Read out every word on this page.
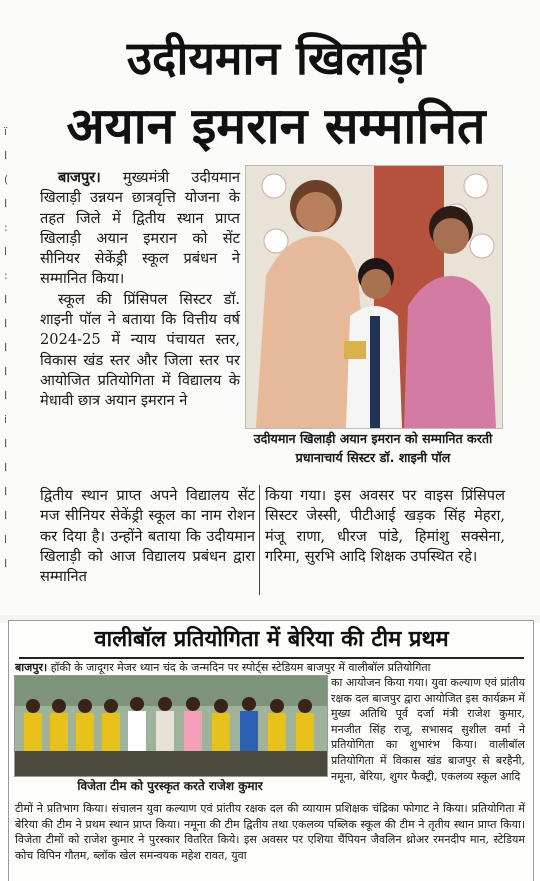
ï
I
(
I
:
l
:
I
I
I
I
I
i
I
I
I
I
l
I
उदीयमान खिलाड़ी
अयान इमरान सम्मानित

बाजपुर। मुख्यमंत्री उदीयमान खिलाड़ी उन्नयन छात्रवृत्ति योजना के तहत जिले में द्वितीय स्थान प्राप्त खिलाड़ी अयान इमरान को सेंट सीनियर सेकेंड्री स्कूल प्रबंधन ने सम्मानित किया।

स्कूल की प्रिंसिपल सिस्टर डॉ. शाइनी पॉल ने बताया कि वित्तीय वर्ष 2024-25 में न्याय पंचायत स्तर, विकास खंड स्तर और जिला स्तर पर आयोजित प्रतियोगिता में विद्यालय के मेधावी छात्र अयान इमरान ने

उदीयमान खिलाड़ी अयान इमरान को सम्मानित करती प्रधानाचार्य सिस्टर डॉ. शाइनी पॉल
द्वितीय स्थान प्राप्त अपने विद्यालय सेंट मज सीनियर सेकेंड्री स्कूल का नाम रोशन कर दिया है। उन्होंने बताया कि उदीयमान खिलाड़ी को आज विद्यालय प्रबंधन द्वारा सम्मानित
किया गया। इस अवसर पर वाइस प्रिंसिपल सिस्टर जेस्सी, पीटीआई खड़क सिंह मेहरा, मंजू राणा, धीरज पांडे, हिमांशु सक्सेना, गरिमा, सुरभि आदि शिक्षक उपस्थित रहे।
वालीबॉल प्रतियोगिता में बेरिया की टीम प्रथम
बाजपुर। हॉकी के जादूगर मेजर ध्यान चंद के जन्मदिन पर स्पोर्ट्स स्टेडियम बाजपुर में वालीबॉल प्रतियोगिता
विजेता टीम को पुरस्कृत करते राजेश कुमार
का आयोजन किया गया। युवा कल्याण एवं प्रांतीय रक्षक दल बाजपुर द्वारा आयोजित इस कार्यक्रम में मुख्य अतिथि पूर्व दर्जा मंत्री राजेश कुमार, मनजीत सिंह राजू, सभासद सुशील वर्मा ने प्रतियोगिता का शुभारंभ किया। वालीबॉल प्रतियोगिता में विकास खंड बाजपुर से बरहैनी, नमूना, बेरिया, शुगर फैक्ट्री, एकलव्य स्कूल आदि
टीमों ने प्रतिभाग किया। संचालन युवा कल्याण एवं प्रांतीय रक्षक दल की व्यायाम प्रशिक्षक चंद्रिका फोगाट ने किया। प्रतियोगिता में बेरिया की टीम ने प्रथम स्थान प्राप्त किया। नमूना की टीम द्वितीय तथा एकलव्य पब्लिक स्कूल की टीम ने तृतीय स्थान प्राप्त किया। विजेता टीमों को राजेश कुमार ने पुरस्कार वितरित किये। इस अवसर पर एशिया चैंपियन जैवलिन थ्रोअर रमनदीप मान, स्टेडियम कोच विपिन गौतम, ब्लॉक खेल समन्वयक महेश रावत, युवा
